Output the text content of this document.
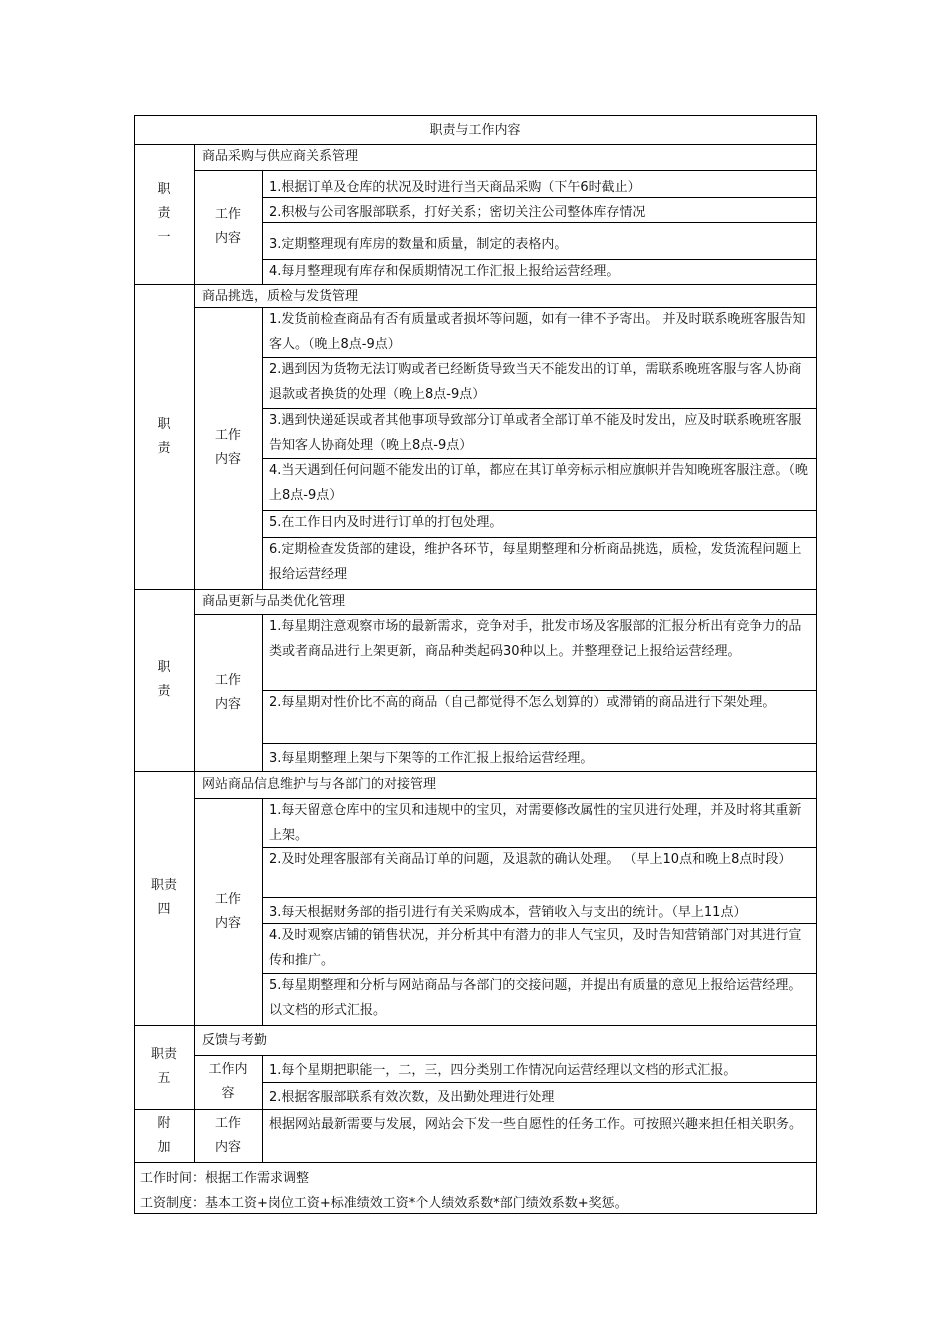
职责与工作内容
职
责
一
商品采购与供应商关系管理
工作
内容
1.根据订单及仓库的状况及时进行当天商品采购（下午6时截止）
2.积极与公司客服部联系，打好关系；密切关注公司整体库存情况
3.定期整理现有库房的数量和质量，制定的表格内。
4.每月整理现有库存和保质期情况工作汇报上报给运营经理。
职
责
商品挑选，质检与发货管理
工作
内容
1.发货前检查商品有否有质量或者损坏等问题，如有一律不予寄出。 并及时联系晚班客服告知客人。（晚上8点-9点）
2.遇到因为货物无法订购或者已经断货导致当天不能发出的订单，需联系晚班客服与客人协商退款或者换货的处理（晚上8点-9点）
3.遇到快递延误或者其他事项导致部分订单或者全部订单不能及时发出，应及时联系晚班客服告知客人协商处理（晚上8点-9点）
4.当天遇到任何问题不能发出的订单，都应在其订单旁标示相应旗帜并告知晚班客服注意。（晚上8点-9点）
5.在工作日内及时进行订单的打包处理。
6.定期检查发货部的建设，维护各环节，每星期整理和分析商品挑选，质检，发货流程问题上报给运营经理
职
责
商品更新与品类优化管理
工作
内容
1.每星期注意观察市场的最新需求，竞争对手，批发市场及客服部的汇报分析出有竞争力的品类或者商品进行上架更新，商品种类起码30种以上。并整理登记上报给运营经理。
2.每星期对性价比不高的商品（自己都觉得不怎么划算的）或滞销的商品进行下架处理。
3.每星期整理上架与下架等的工作汇报上报给运营经理。
职责
四
网站商品信息维护与与各部门的对接管理
工作
内容
1.每天留意仓库中的宝贝和违规中的宝贝，对需要修改属性的宝贝进行处理，并及时将其重新上架。
2.及时处理客服部有关商品订单的问题，及退款的确认处理。 （早上10点和晚上8点时段）
3.每天根据财务部的指引进行有关采购成本，营销收入与支出的统计。（早上11点）
4.及时观察店铺的销售状况，并分析其中有潜力的非人气宝贝，及时告知营销部门对其进行宣传和推广。
5.每星期整理和分析与网站商品与各部门的交接问题，并提出有质量的意见上报给运营经理。以文档的形式汇报。
职责
五
反馈与考勤
工作内
容
1.每个星期把职能一，二，三，四分类别工作情况向运营经理以文档的形式汇报。
2.根据客服部联系有效次数，及出勤处理进行处理
附
加
工作
内容
根据网站最新需要与发展，网站会下发一些自愿性的任务工作。可按照兴趣来担任相关职务。
工作时间：根据工作需求调整
工资制度：基本工资+岗位工资+标准绩效工资*个人绩效系数*部门绩效系数+奖惩。
